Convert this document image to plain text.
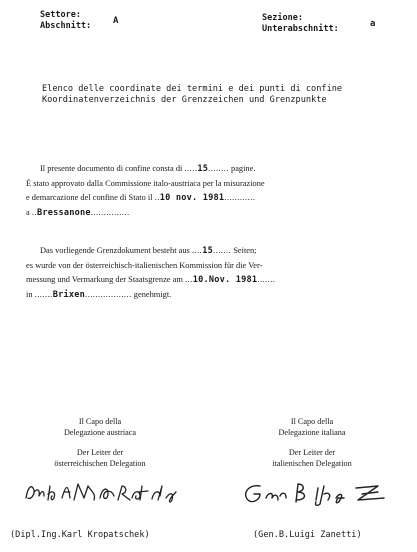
Settore:
Abschnitt: A	Sezione:
Unterabschnitt:	a
Elenco delle coordinate dei termini e dei punti di confine
Koordinatenverzeichnis der Grenzzeichen und Grenzpunkte
Il presente documento di confine consta di .....15........ pagine.
È stato approvato dalla Commissione italo-austriaca per la misurazione
e demarcazione del confine di Stato il ..10 nov. 1981............
a ..Bressanone...............
Das vorliegende Grenzdokument besteht aus ....15....... Seiten;
es wurde von der österreichisch-italienischen Kommission für die Ver-
messung und Vermarkung der Staatsgrenze am ...10.Nov. 1981.......
in .......Brixen.................. genehmigt.
Il Capo della
Delegazione austriaca
Der Leiter der
österreichischen Delegation
Il Capo della
Delegazione italiana
Der Leiter der
italienischen Delegation
(Dipl.Ing.Karl Kropatschek)	(Gen.B.Luigi Zanetti)
